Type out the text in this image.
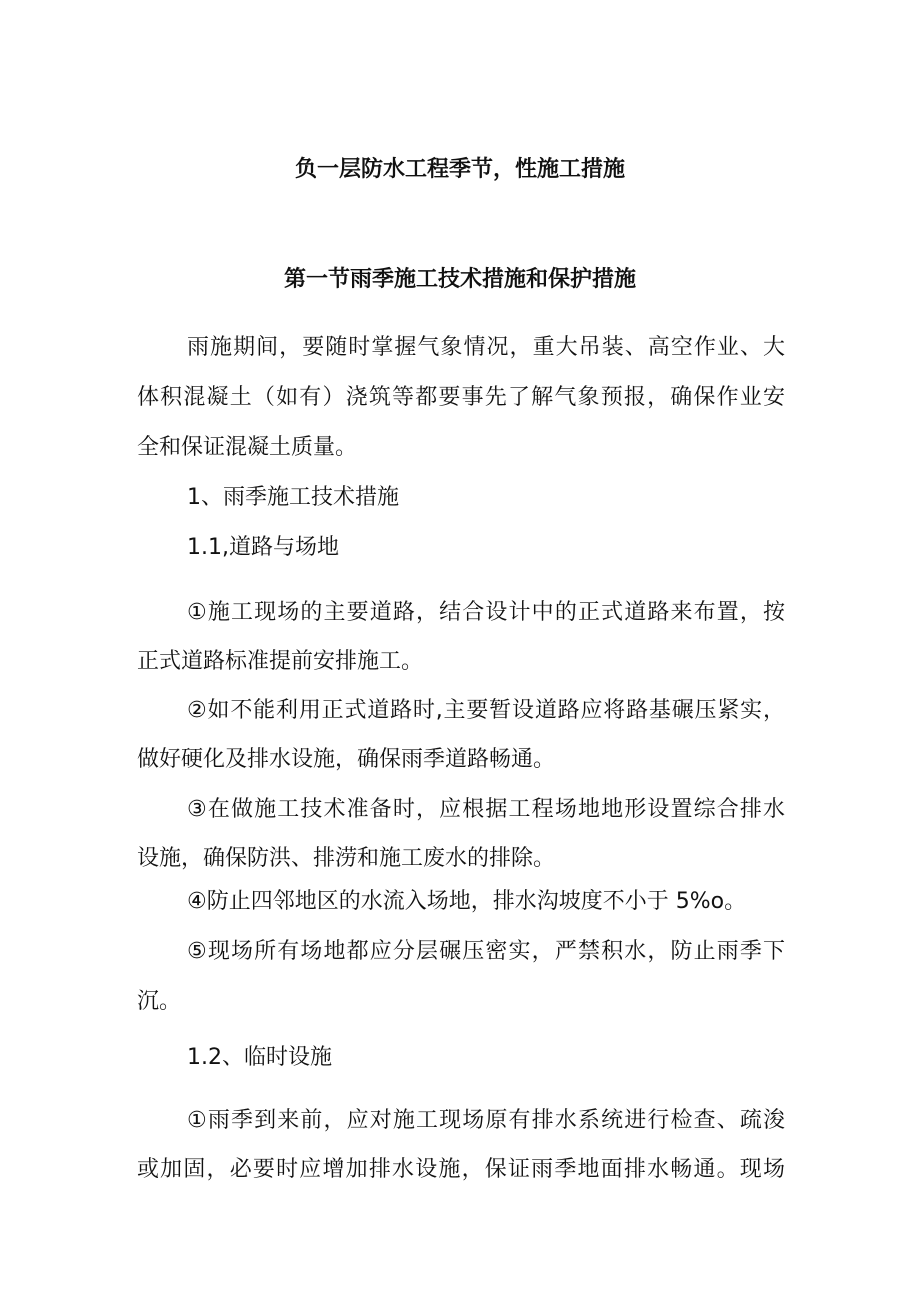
负一层防水工程季节，性施工措施
第一节雨季施工技术措施和保护措施
雨施期间，要随时掌握气象情况，重大吊装、高空作业、大
体积混凝土（如有）浇筑等都要事先了解气象预报，确保作业安
全和保证混凝土质量。
1、雨季施工技术措施
1.1,道路与场地
①施工现场的主要道路，结合设计中的正式道路来布置，按
正式道路标准提前安排施工。
②如不能利用正式道路时,主要暂设道路应将路基碾压紧实，
做好硬化及排水设施，确保雨季道路畅通。
③在做施工技术准备时，应根据工程场地地形设置综合排水
设施，确保防洪、排涝和施工废水的排除。
④防止四邻地区的水流入场地，排水沟坡度不小于 5%o。
⑤现场所有场地都应分层碾压密实，严禁积水，防止雨季下
沉。
1.2、临时设施
①雨季到来前，应对施工现场原有排水系统进行检查、疏浚
或加固，必要时应增加排水设施，保证雨季地面排水畅通。现场
